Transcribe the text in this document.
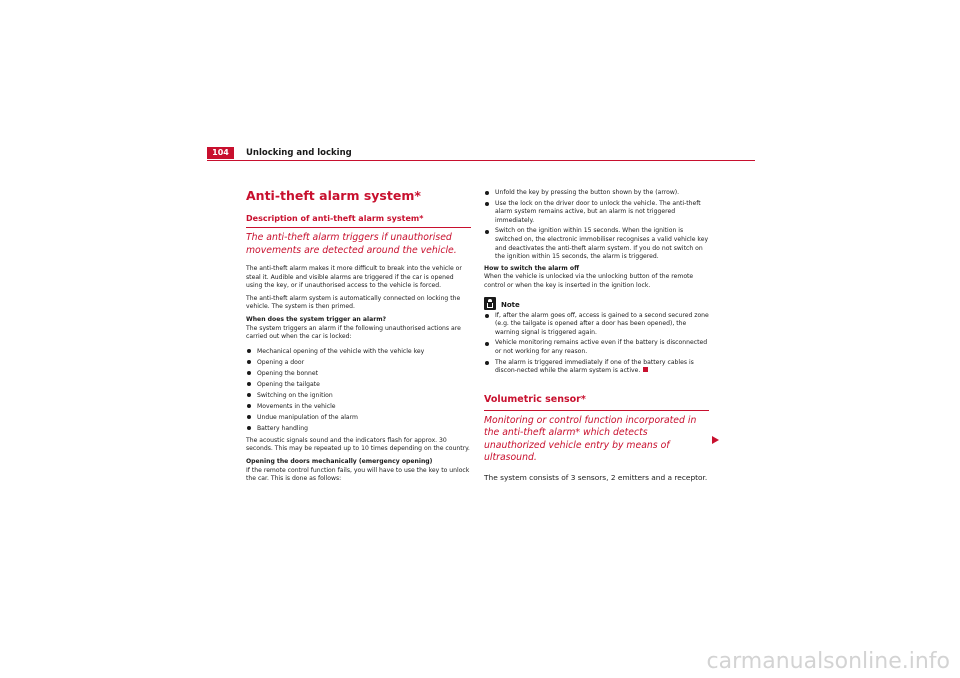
104	Unlocking and locking
Anti-theft alarm system*
Description of anti-theft alarm system*
The anti-theft alarm triggers if unauthorised movements are detected around the vehicle.

The anti-theft alarm makes it more difficult to break into the vehicle or steal it. Audible and visible alarms are triggered if the car is opened using the key, or if unauthorised access to the vehicle is forced.

The anti-theft alarm system is automatically connected on locking the vehicle. The system is then primed.

When does the system trigger an alarm?

The system triggers an alarm if the following unauthorised actions are carried out when the car is locked:

Mechanical opening of the vehicle with the vehicle key
Opening a door
Opening the bonnet
Opening the tailgate
Switching on the ignition
Movements in the vehicle
Undue manipulation of the alarm
Battery handling

The acoustic signals sound and the indicators flash for approx. 30 seconds. This may be repeated up to 10 times depending on the country.

Opening the doors mechanically (emergency opening)

If the remote control function fails, you will have to use the key to unlock the car. This is done as follows:

Unfold the key by pressing the button shown by the (arrow).
Use the lock on the driver door to unlock the vehicle. The anti-theft alarm system remains active, but an alarm is not triggered immediately.
Switch on the ignition within 15 seconds. When the ignition is switched on, the electronic immobiliser recognises a valid vehicle key and deactivates the anti-theft alarm system. If you do not switch on the ignition within 15 seconds, the alarm is triggered.
How to switch the alarm off

When the vehicle is unlocked via the unlocking button of the remote control or when the key is inserted in the ignition lock.

Note
If, after the alarm goes off, access is gained to a second secured zone (e.g. the tailgate is opened after a door has been opened), the warning signal is triggered again.
Vehicle monitoring remains active even if the battery is disconnected or not working for any reason.
The alarm is triggered immediately if one of the battery cables is discon-nected while the alarm system is active.
Volumetric sensor*
Monitoring or control function incorporated in the anti-theft alarm* which detects unauthorized vehicle entry by means of ultrasound.

The system consists of 3 sensors, 2 emitters and a receptor.

carmanualsonline.info
